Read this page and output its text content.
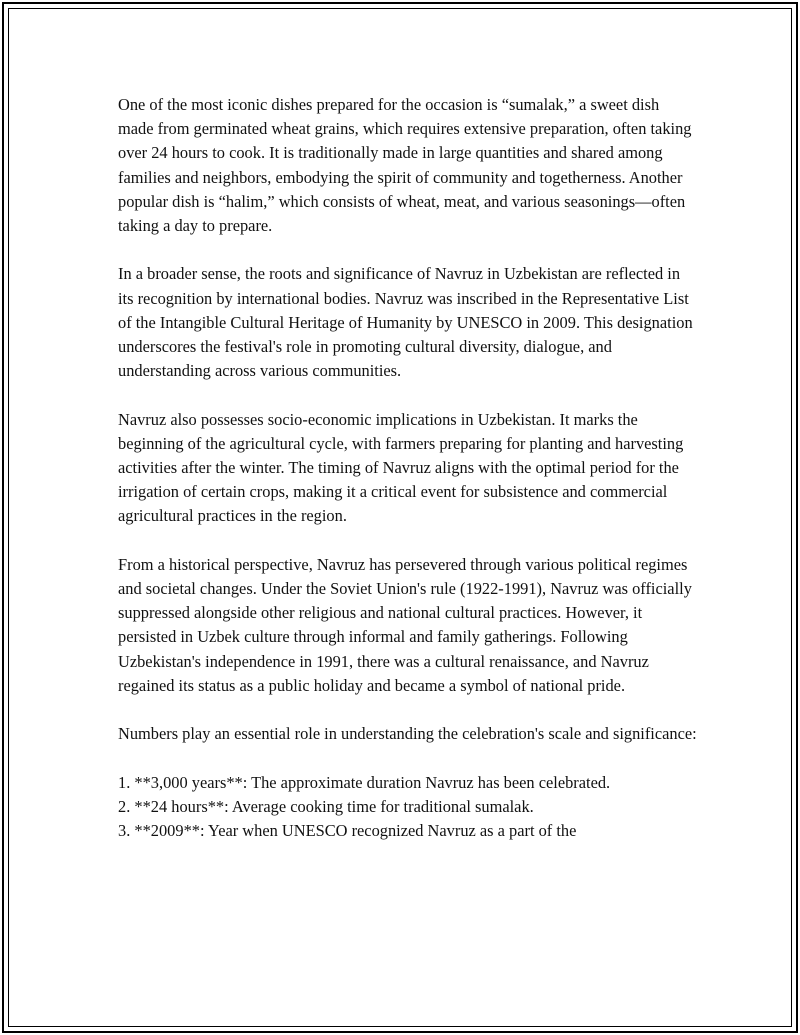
One of the most iconic dishes prepared for the occasion is “sumalak,” a sweet dish made from germinated wheat grains, which requires extensive preparation, often taking over 24 hours to cook. It is traditionally made in large quantities and shared among families and neighbors, embodying the spirit of community and togetherness. Another popular dish is “halim,” which consists of wheat, meat, and various seasonings—often taking a day to prepare.

In a broader sense, the roots and significance of Navruz in Uzbekistan are reflected in its recognition by international bodies. Navruz was inscribed in the Representative List of the Intangible Cultural Heritage of Humanity by UNESCO in 2009. This designation underscores the festival's role in promoting cultural diversity, dialogue, and understanding across various communities.

Navruz also possesses socio-economic implications in Uzbekistan. It marks the beginning of the agricultural cycle, with farmers preparing for planting and harvesting activities after the winter. The timing of Navruz aligns with the optimal period for the irrigation of certain crops, making it a critical event for subsistence and commercial agricultural practices in the region.

From a historical perspective, Navruz has persevered through various political regimes and societal changes. Under the Soviet Union's rule (1922-1991), Navruz was officially suppressed alongside other religious and national cultural practices. However, it persisted in Uzbek culture through informal and family gatherings. Following Uzbekistan's independence in 1991, there was a cultural renaissance, and Navruz regained its status as a public holiday and became a symbol of national pride.

Numbers play an essential role in understanding the celebration's scale and significance:

1. **3,000 years**: The approximate duration Navruz has been celebrated.
2. **24 hours**: Average cooking time for traditional sumalak.
3. **2009**: Year when UNESCO recognized Navruz as a part of the
